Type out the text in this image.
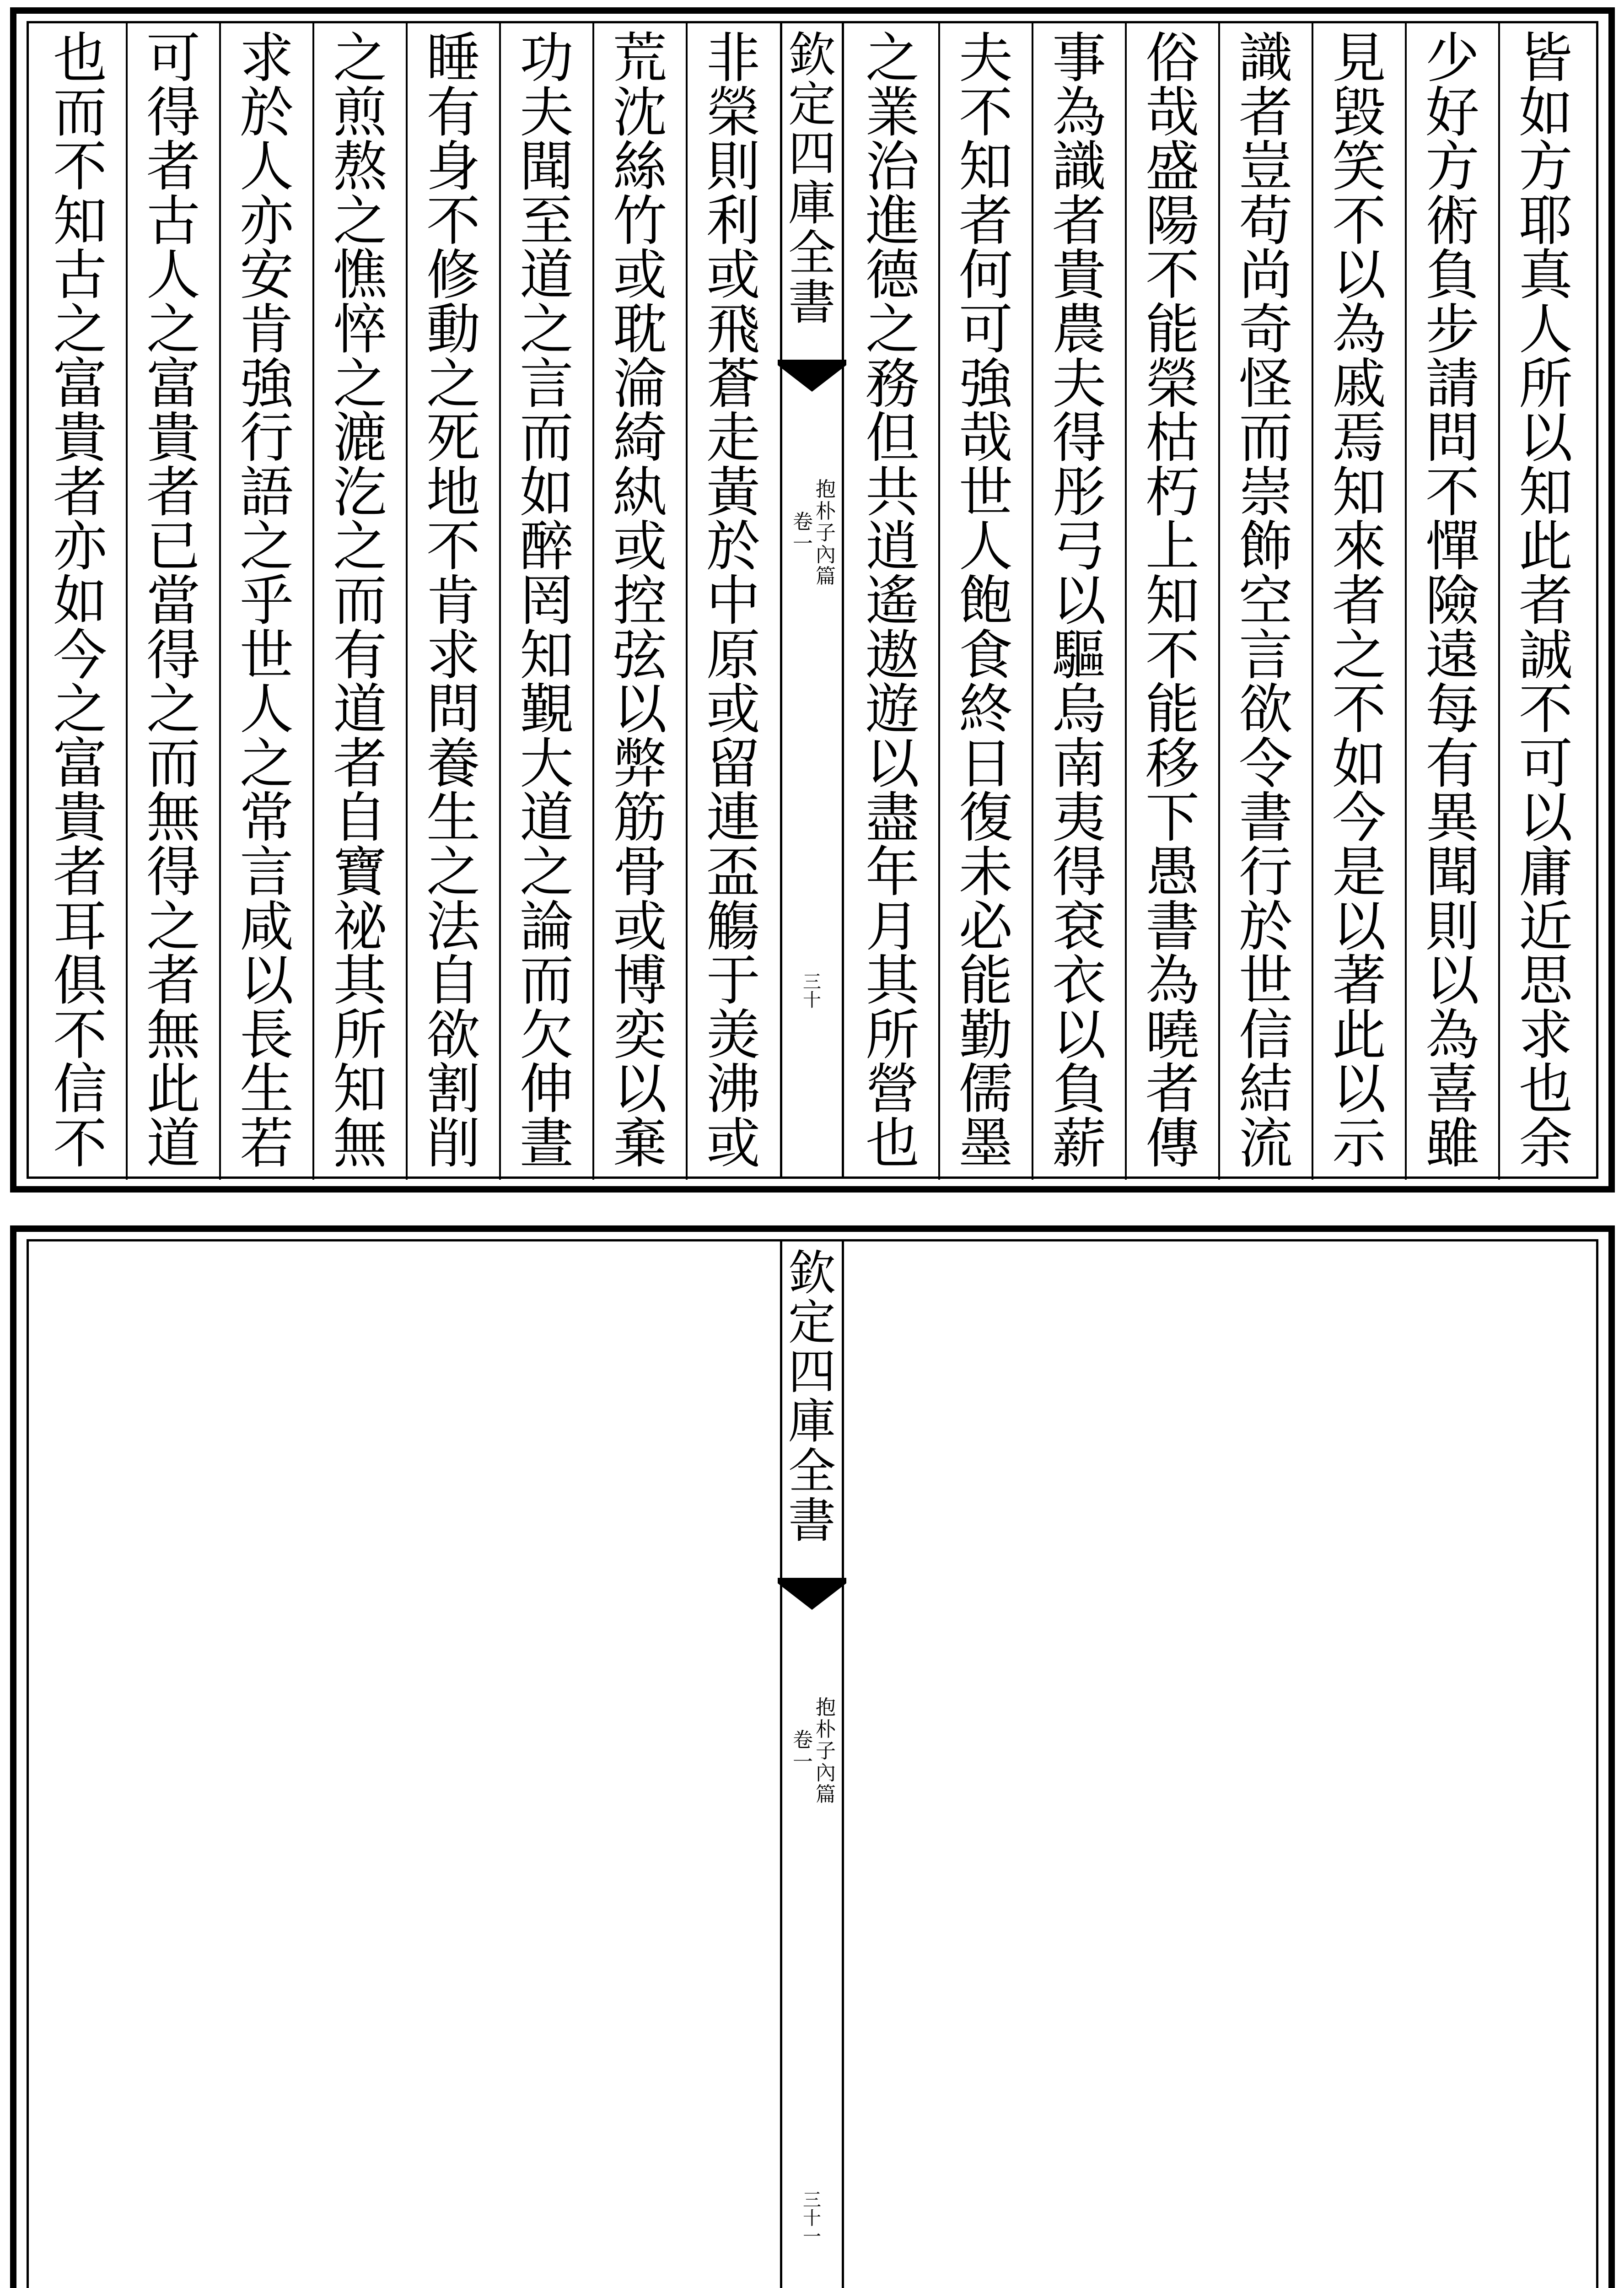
皆
如
方
耶
真
人
所
以
知
此
者
誠
不
可
以
庸
近
思
求
也
余
少
好
方
術
負
步
請
問
不
憚
險
遠
每
有
異
聞
則
以
為
喜
雖
見
毀
笑
不
以
為
戚
焉
知
來
者
之
不
如
今
是
以
著
此
以
示
識
者
豈
苟
尚
奇
怪
而
崇
飾
空
言
欲
令
書
行
於
世
信
結
流
俗
哉
盛
陽
不
能
榮
枯
朽
上
知
不
能
移
下
愚
書
為
曉
者
傳
事
為
識
者
貴
農
夫
得
彤
弓
以
驅
烏
南
夷
得
袞
衣
以
負
薪
夫
不
知
者
何
可
強
哉
世
人
飽
食
終
日
復
未
必
能
勤
儒
墨
之
業
治
進
德
之
務
但
共
逍
遙
遨
遊
以
盡
年
月
其
所
營
也
非
榮
則
利
或
飛
蒼
走
黃
於
中
原
或
留
連
盃
觴
于
羙
沸
或
荒
沈
絲
竹
或
耽
淪
綺
紈
或
控
弦
以
弊
筋
骨
或
博
奕
以
棄
功
夫
聞
至
道
之
言
而
如
醉
罔
知
覲
大
道
之
論
而
欠
伸
晝
睡
有
身
不
修
動
之
死
地
不
肯
求
問
養
生
之
法
自
欲
割
削
之
煎
熬
之
憔
悴
之
漉
汔
之
而
有
道
者
自
寶
祕
其
所
知
無
求
於
人
亦
安
肯
強
行
語
之
乎
世
人
之
常
言
咸
以
長
生
若
可
得
者
古
人
之
富
貴
者
已
當
得
之
而
無
得
之
者
無
此
道
也
而
不
知
古
之
富
貴
者
亦
如
今
之
富
貴
者
耳
俱
不
信
不
欽
定
四
庫
全
書
抱
朴
子
內
篇
卷
一
三
十
欽
定
四
庫
全
書
抱
朴
子
內
篇
卷
一
三
十
一
